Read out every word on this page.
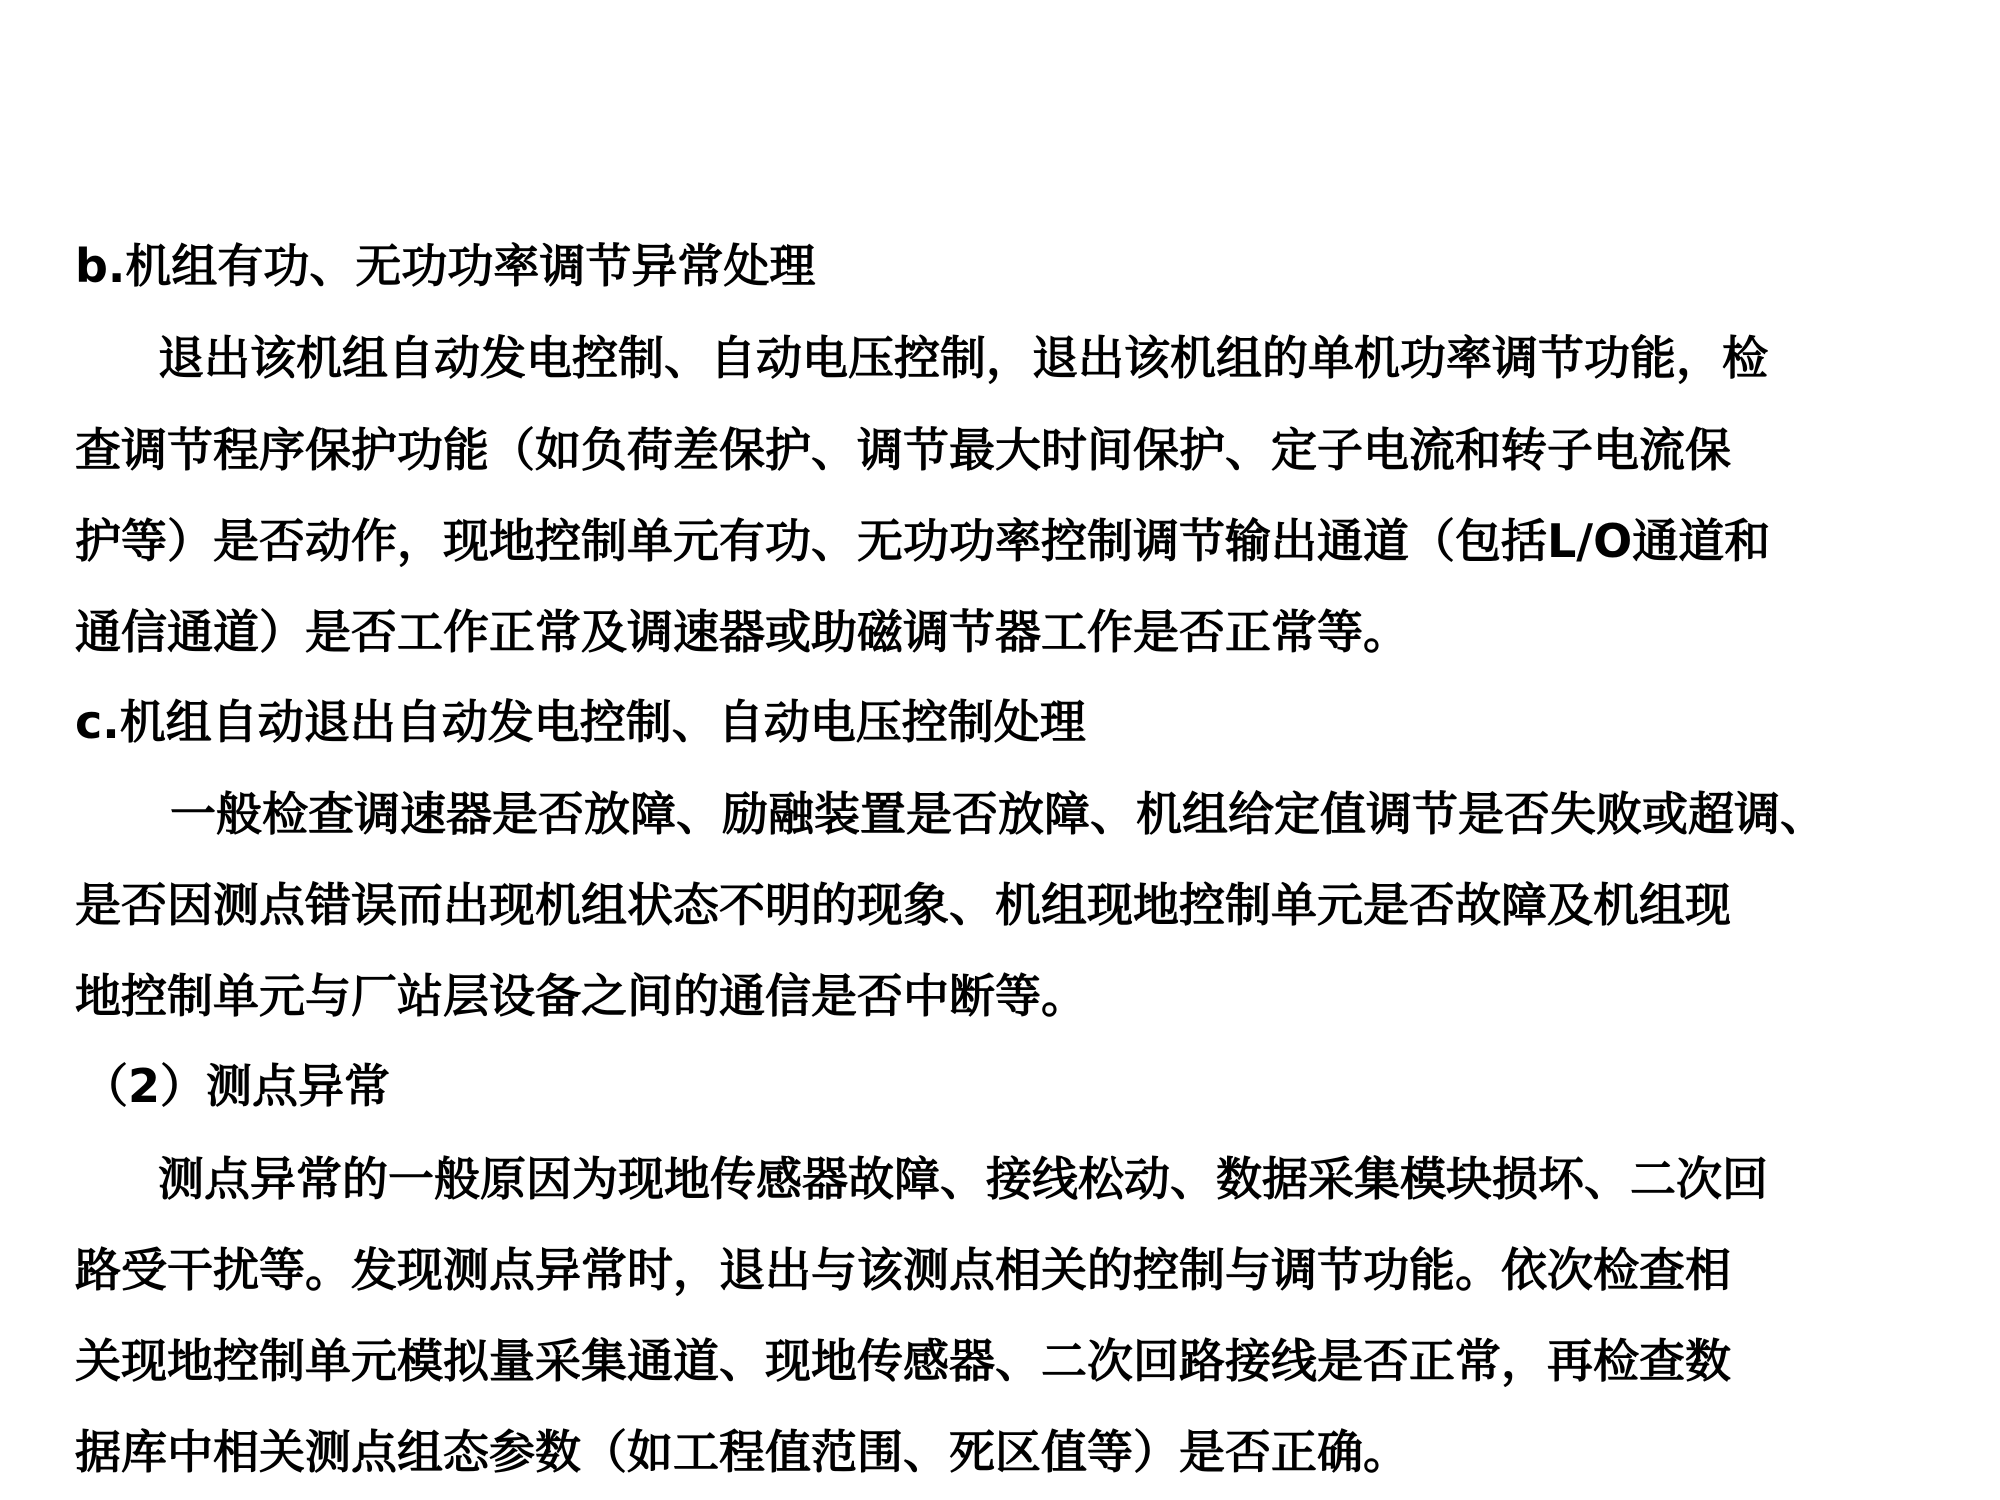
b.机组有功、无功功率调节异常处理

退出该机组自动发电控制、自动电压控制，退出该机组的单机功率调节功能，检

查调节程序保护功能（如负荷差保护、调节最大时间保护、定子电流和转子电流保

护等）是否动作，现地控制单元有功、无功功率控制调节输出通道（包括L/O通道和

通信通道）是否工作正常及调速器或助磁调节器工作是否正常等。

c.机组自动退出自动发电控制、自动电压控制处理

一般检查调速器是否放障、励融装置是否放障、机组给定值调节是否失败或超调、

是否因测点错误而出现机组状态不明的现象、机组现地控制单元是否故障及机组现

地控制单元与厂站层设备之间的通信是否中断等。

（2）测点异常

测点异常的一般原因为现地传感器故障、接线松动、数据采集模块损坏、二次回

路受干扰等。发现测点异常时，退出与该测点相关的控制与调节功能。依次检查相

关现地控制单元模拟量采集通道、现地传感器、二次回路接线是否正常，再检查数

据库中相关测点组态参数（如工程值范围、死区值等）是否正确。
